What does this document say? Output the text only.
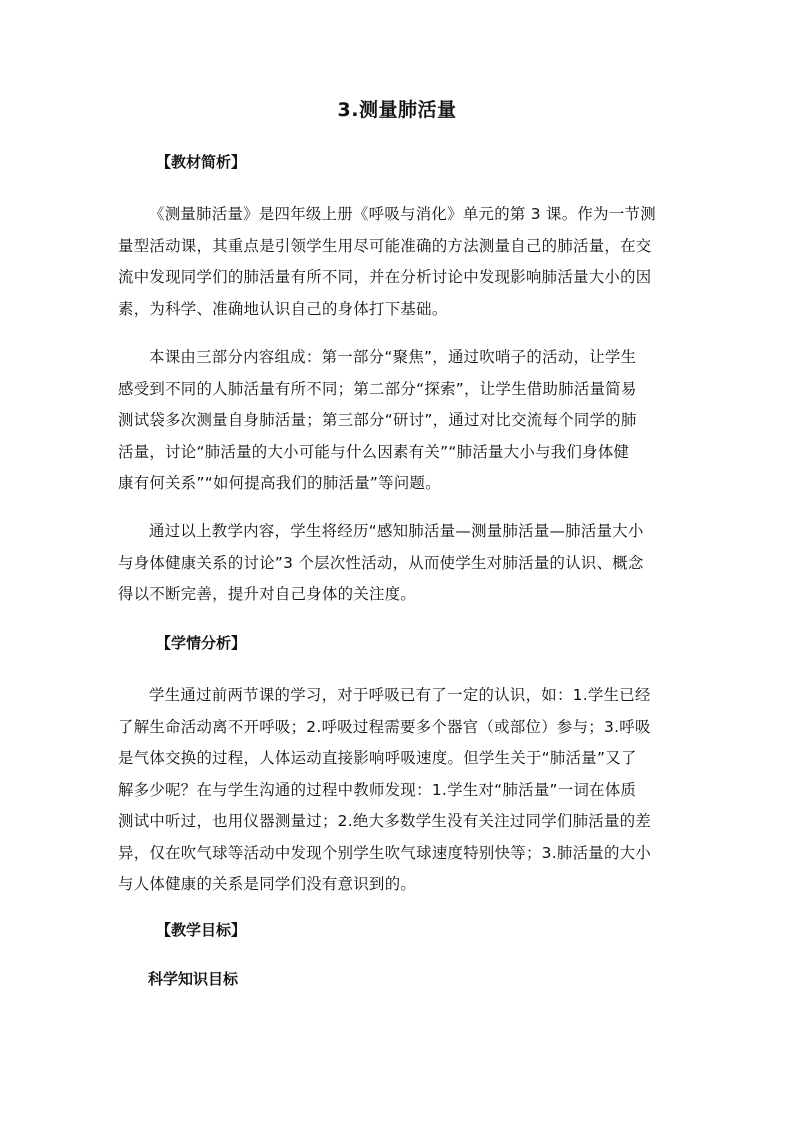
3.测量肺活量
【教材简析】
《测量肺活量》是四年级上册《呼吸与消化》单元的第 3 课。作为一节测
量型活动课，其重点是引领学生用尽可能准确的方法测量自己的肺活量，在交
流中发现同学们的肺活量有所不同，并在分析讨论中发现影响肺活量大小的因
素，为科学、准确地认识自己的身体打下基础。
本课由三部分内容组成：第一部分“聚焦”，通过吹哨子的活动，让学生
感受到不同的人肺活量有所不同；第二部分“探索”，让学生借助肺活量简易
测试袋多次测量自身肺活量；第三部分“研讨”，通过对比交流每个同学的肺
活量，讨论“肺活量的大小可能与什么因素有关”“肺活量大小与我们身体健
康有何关系”“如何提高我们的肺活量”等问题。
通过以上教学内容，学生将经历“感知肺活量—测量肺活量—肺活量大小
与身体健康关系的讨论”3 个层次性活动，从而使学生对肺活量的认识、概念
得以不断完善，提升对自己身体的关注度。
【学情分析】
学生通过前两节课的学习，对于呼吸已有了一定的认识，如：1.学生已经
了解生命活动离不开呼吸；2.呼吸过程需要多个器官（或部位）参与；3.呼吸
是气体交换的过程，人体运动直接影响呼吸速度。但学生关于“肺活量”又了
解多少呢？在与学生沟通的过程中教师发现：1.学生对“肺活量”一词在体质
测试中听过，也用仪器测量过；2.绝大多数学生没有关注过同学们肺活量的差
异，仅在吹气球等活动中发现个别学生吹气球速度特别快等；3.肺活量的大小
与人体健康的关系是同学们没有意识到的。
【教学目标】
科学知识目标
